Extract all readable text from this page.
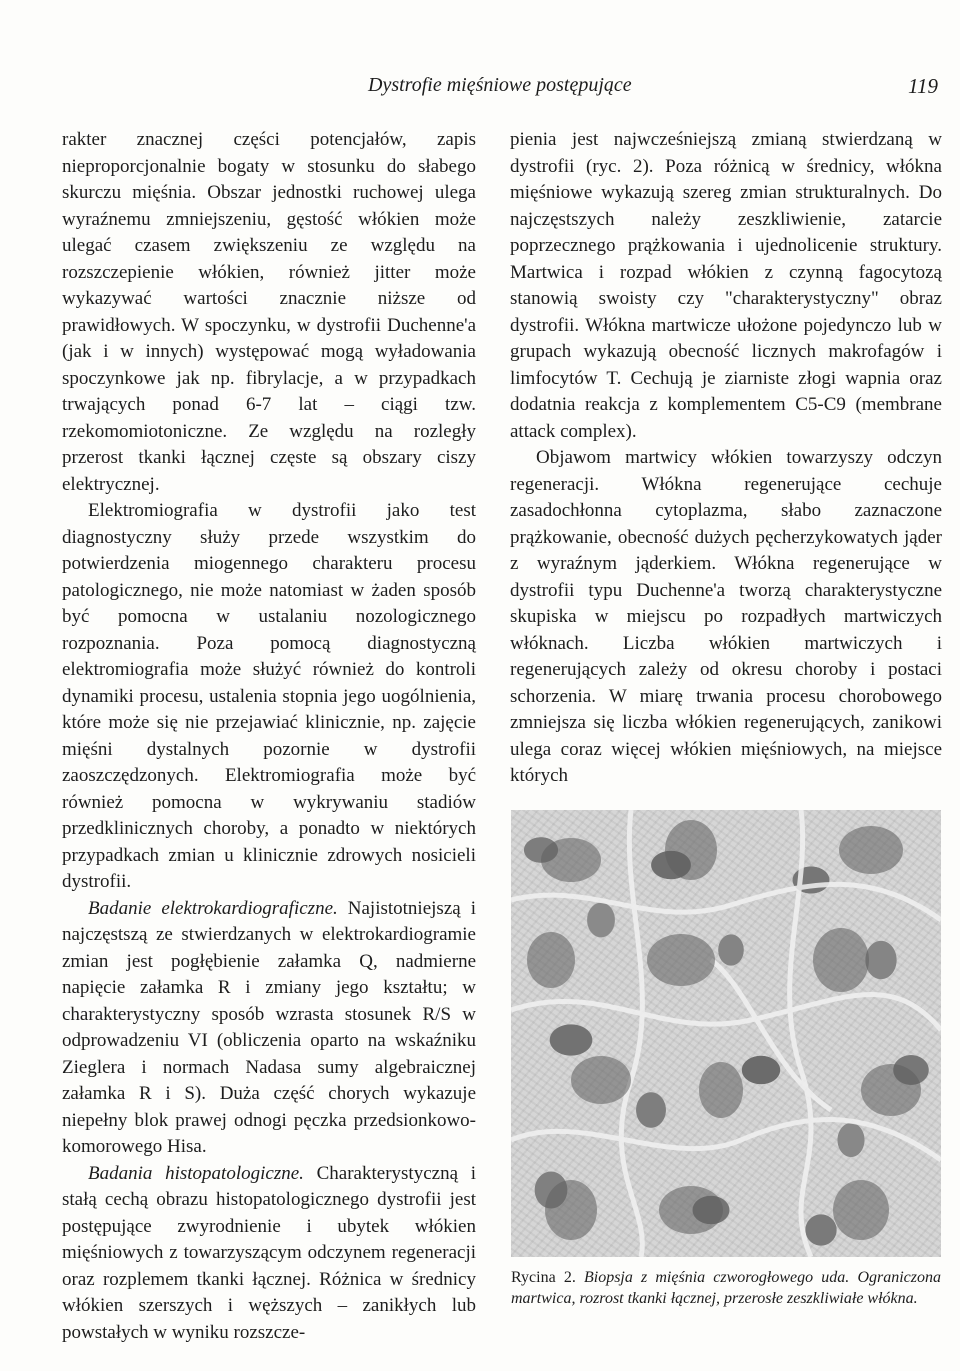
Dystrofie mięśniowe postępujące	119

rakter znacznej części potencjałów, zapis nieproporcjonalnie bogaty w stosunku do słabego skurczu mięśnia. Obszar jednostki ruchowej ulega wyraźnemu zmniejszeniu, gęstość włókien może ulegać czasem zwiększeniu ze względu na rozszczepienie włókien, również jitter może wykazywać wartości znacznie niższe od prawidłowych. W spoczynku, w dystrofii Duchenne'a (jak i w innych) występować mogą wyładowania spoczynkowe jak np. fibrylacje, a w przypadkach trwających ponad 6-7 lat – ciągi tzw. rzekomomiotoniczne. Ze względu na rozległy przerost tkanki łącznej częste są obszary ciszy elektrycznej.

Elektromiografia w dystrofii jako test diagnostyczny służy przede wszystkim do potwierdzenia miogennego charakteru procesu patologicznego, nie może natomiast w żaden sposób być pomocna w ustalaniu nozologicznego rozpoznania. Poza pomocą diagnostyczną elektromiografia może służyć również do kontroli dynamiki procesu, ustalenia stopnia jego uogólnienia, które może się nie przejawiać klinicznie, np. zajęcie mięśni dystalnych pozornie w dystrofii zaoszczędzonych. Elektromiografia może być również pomocna w wykrywaniu stadiów przedklinicznych choroby, a ponadto w niektórych przypadkach zmian u klinicznie zdrowych nosicieli dystrofii.

Badanie elektrokardiograficzne. Najistotniejszą i najczęstszą ze stwierdzanych w elektrokardiogramie zmian jest pogłębienie załamka Q, nadmierne napięcie załamka R i zmiany jego kształtu; w charakterystyczny sposób wzrasta stosunek R/S w odprowadzeniu VI (obliczenia oparto na wskaźniku Zieglera i normach Nadasa sumy algebraicznej załamka R i S). Duża część chorych wykazuje niepełny blok prawej odnogi pęczka przedsionkowo-komorowego Hisa.

Badania histopatologiczne. Charakterystyczną i stałą cechą obrazu histopatologicznego dystrofii jest postępujące zwyrodnienie i ubytek włókien mięśniowych z towarzyszącym odczynem regeneracji oraz rozplemem tkanki łącznej. Różnica w średnicy włókien szerszych i węższych – zanikłych lub powstałych w wyniku rozszcze-

pienia jest najwcześniejszą zmianą stwierdzaną w dystrofii (ryc. 2). Poza różnicą w średnicy, włókna mięśniowe wykazują szereg zmian strukturalnych. Do najczęstszych należy zeszkliwienie, zatarcie poprzecznego prążkowania i ujednolicenie struktury. Martwica i rozpad włókien z czynną fagocytozą stanowią swoisty czy "charakterystyczny" obraz dystrofii. Włókna martwicze ułożone pojedynczo lub w grupach wykazują obecność licznych makrofagów i limfocytów T. Cechują je ziarniste złogi wapnia oraz dodatnia reakcja z komplementem C5-C9 (membrane attack complex).

Objawom martwicy włókien towarzyszy odczyn regeneracji. Włókna regenerujące cechuje zasadochłonna cytoplazma, słabo zaznaczone prążkowanie, obecność dużych pęcherzykowatych jąder z wyraźnym jąderkiem. Włókna regenerujące w dystrofii typu Duchenne'a tworzą charakterystyczne skupiska w miejscu po rozpadłych martwiczych włóknach. Liczba włókien martwiczych i regenerujących zależy od okresu choroby i postaci schorzenia. W miarę trwania procesu chorobowego zmniejsza się liczba włókien regenerujących, zanikowi ulega coraz więcej włókien mięśniowych, na miejsce których

Rycina 2. Biopsja z mięśnia czworogłowego uda. Ograniczona martwica, rozrost tkanki łącznej, przerosłe zeszkliwiałe włókna.
